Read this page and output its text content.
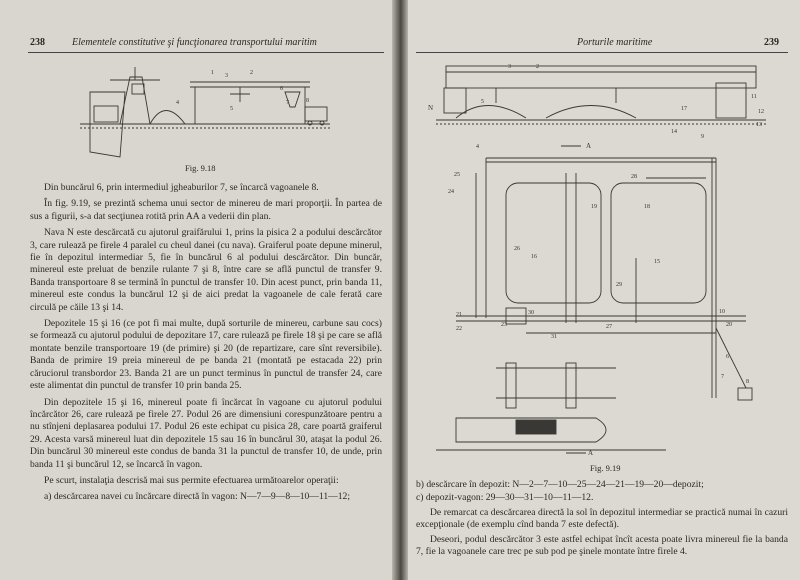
238	Elementele constitutive şi funcţionarea transportului maritim
1	2
3
4
5
6
7	8
Fig. 9.18

Din buncărul 6, prin intermediul jgheaburilor 7, se încarcă vagoanele 8.

În fig. 9.19, se prezintă schema unui sector de minereu de mari proporţii. În partea de sus a figurii, s-a dat secţiunea rotită prin AA a vederii din plan.

Nava N este descărcată cu ajutorul graifărului 1, prins la pisica 2 a podului descărcător 3, care rulează pe firele 4 paralel cu cheul danei (cu nava). Graiferul poate depune minerul, fie în depozitul intermediar 5, fie în buncărul 6 al podului descărcător. Din buncăr, minereul este preluat de benzile rulante 7 şi 8, între care se află punctul de transfer 9. Banda transportoare 8 se termină în punctul de transfer 10. Din acest punct, prin banda 11, minereul este condus la buncărul 12 şi de aici predat la vagoanele de cale ferată care circulă pe căile 13 şi 14.

Depozitele 15 şi 16 (ce pot fi mai multe, după sorturile de minereu, carbune sau cocs) se formează cu ajutorul podului de depozitare 17, care rulează pe firele 18 şi pe care se află montate benzile transportoare 19 (de primire) şi 20 (de repartizare, care sînt reversibile). Banda de primire 19 preia minereul de pe banda 21 (montată pe estacada 22) prin căruciorul transbordor 23. Banda 21 are un punct terminus în punctul de transfer 24, care este alimentat din punctul de transfer 10 prin banda 25.

Din depozitele 15 şi 16, minereul poate fi încărcat în vagoane cu ajutorul podului încărcător 26, care rulează pe firele 27. Podul 26 are dimensiuni corespunzătoare pentru a nu stînjeni deplasarea podului 17. Podul 26 este echipat cu pisica 28, care poartă graiferul 29. Acesta varsă minereul luat din depozitele 15 sau 16 în buncărul 30, ataşat la podul 26. Din buncărul 30 minereul este condus de banda 31 la punctul de transfer 10, de unde, prin banda 11 şi buncărul 12, se încarcă în vagon.

Pe scurt, instalaţia descrisă mai sus permite efectuarea următoarelor operaţii:

a) descărcarea navei cu încărcare directă în vagon: N—7—9—8—10—11—12;

Porturile maritime	239
A
A
N
2
3
4
5
6
7
8
9
10
11
12
13
14
15
16
17
18
19
20
21
22
23
24
25
26
27
28
29
30
31
Fig. 9.19

b) descărcare în depozit: N—2—7—10—25—24—21—19—20—depozit;

c) depozit-vagon: 29—30—31—10—11—12.

De remarcat ca descărcarea directă la sol în depozitul intermediar se practică numai în cazuri excepţionale (de exemplu cînd banda 7 este defectă).

Deseori, podul descărcător 3 este astfel echipat încît acesta poate livra minereul fie la banda 7, fie la vagoanele care trec pe sub pod pe şinele montate între firele 4.
